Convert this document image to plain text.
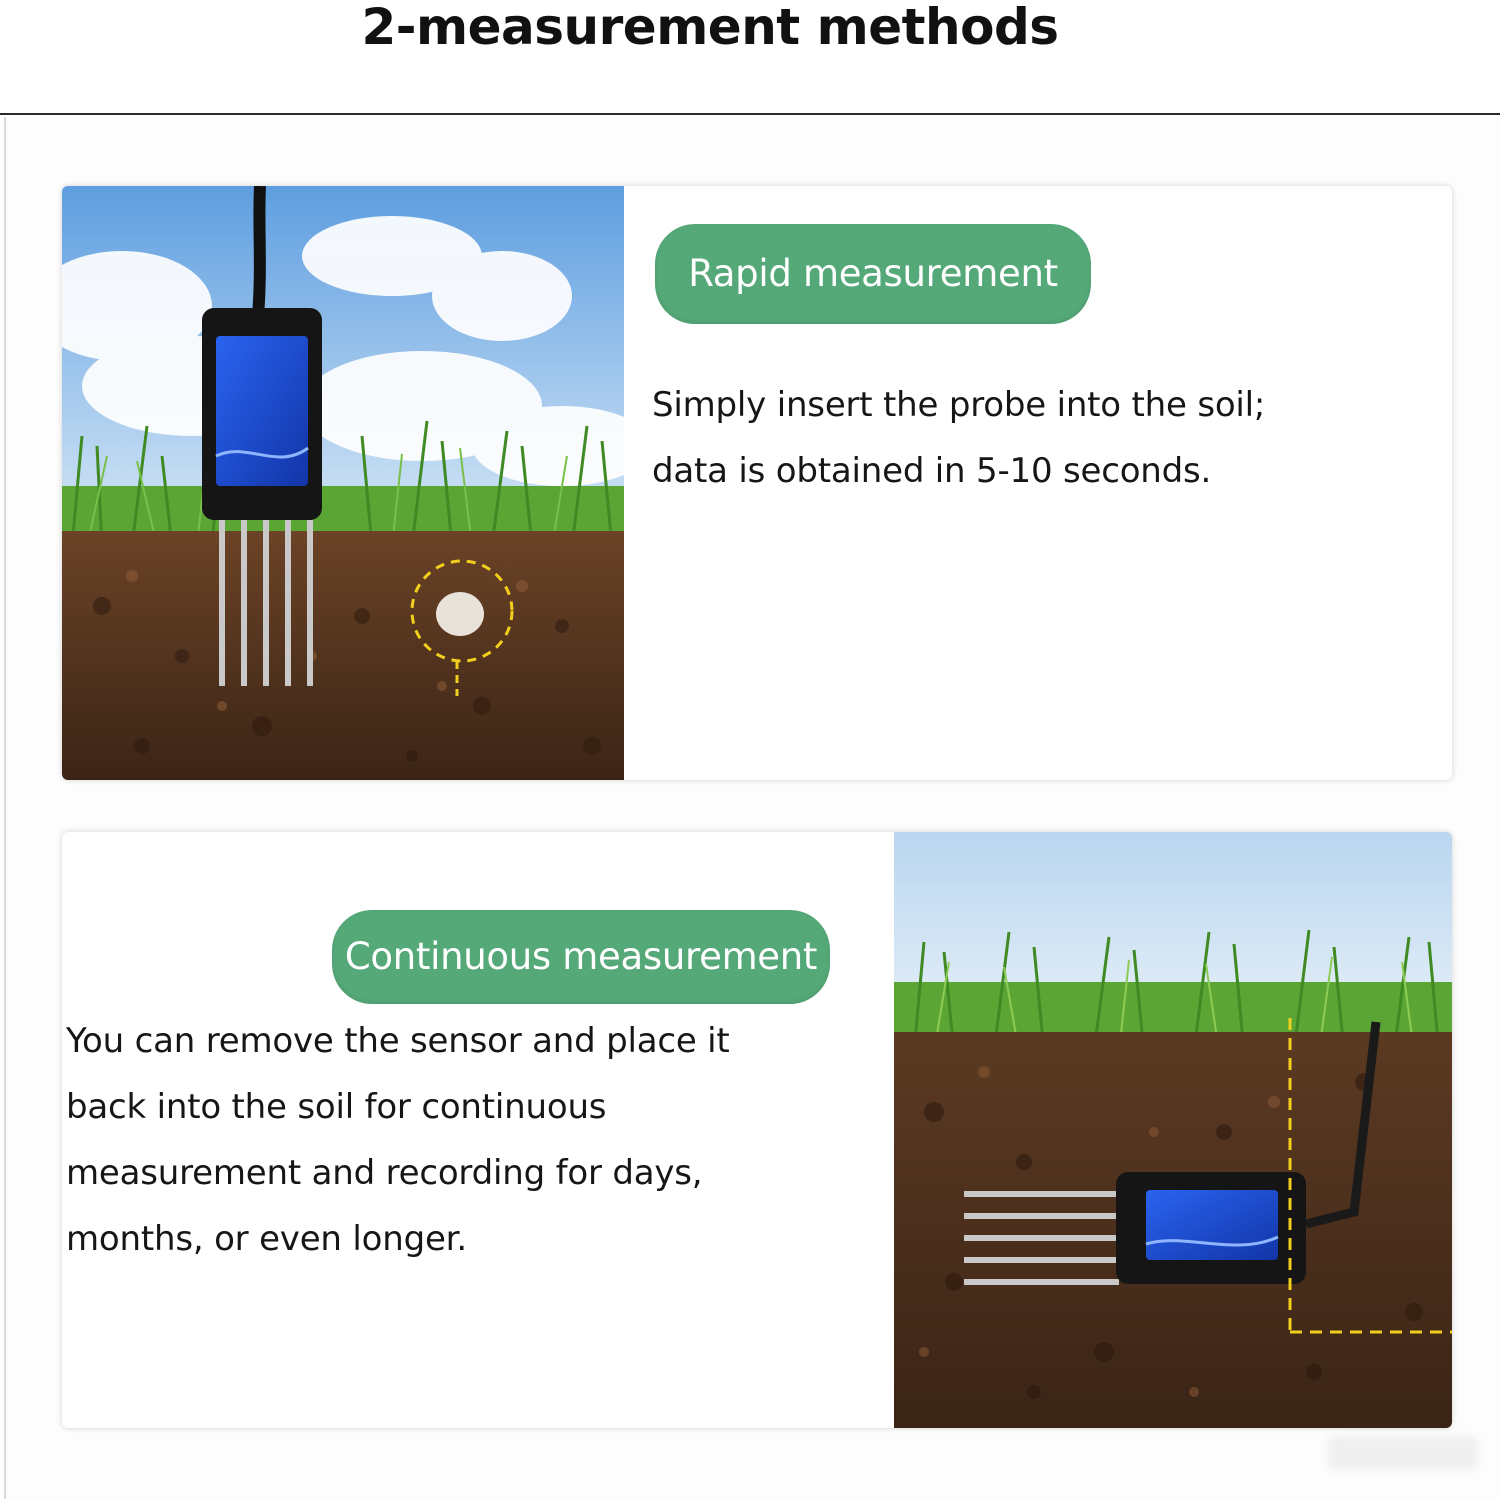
2-measurement methods
Rapid measurement
Simply insert the probe into the soil;
data is obtained in 5-10 seconds.
Continuous measurement
You can remove the sensor and place it
back into the soil for continuous
measurement and recording for days,
months, or even longer.
